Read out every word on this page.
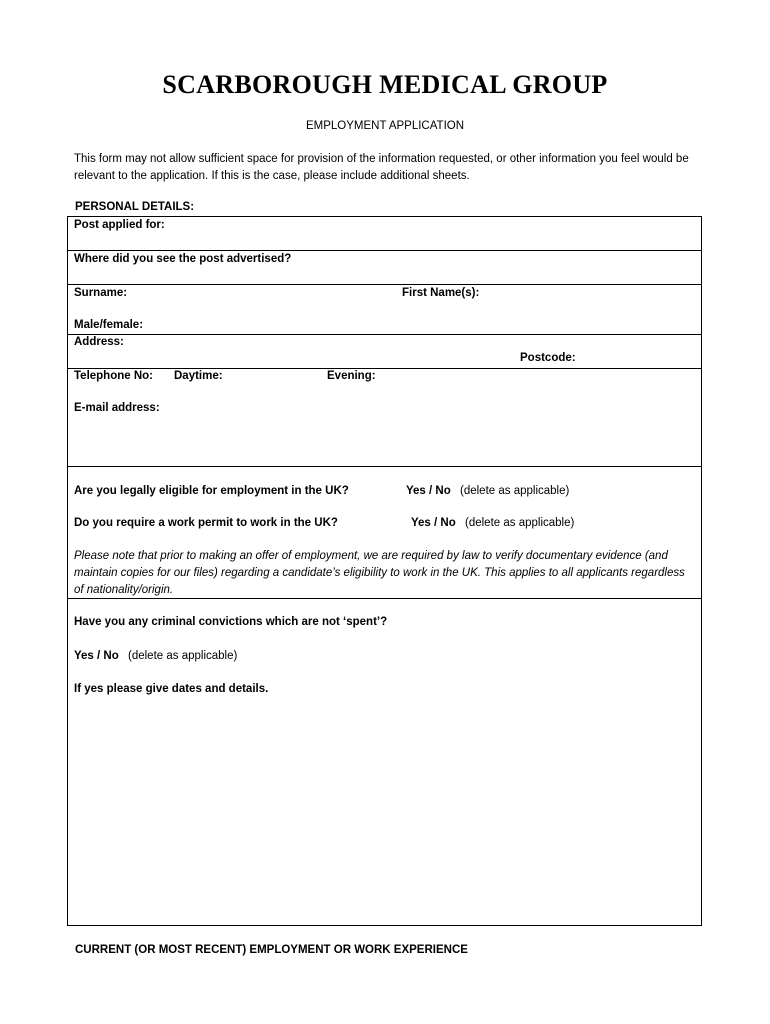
SCARBOROUGH MEDICAL GROUP
EMPLOYMENT APPLICATION
This form may not allow sufficient space for provision of the information requested, or other information you feel would be relevant to the application. If this is the case, please include additional sheets.
PERSONAL DETAILS:
Post applied for:
Where did you see the post advertised?
Surname:	First Name(s):
Male/female:
Address:
Postcode:
Telephone No: Daytime:	Evening:
E-mail address:
Are you legally eligible for employment in the UK?	Yes / No (delete as applicable)
Do you require a work permit to work in the UK?	Yes / No (delete as applicable)
Please note that prior to making an offer of employment, we are required by law to verify documentary evidence (and maintain copies for our files) regarding a candidate’s eligibility to work in the UK. This applies to all applicants regardless of nationality/origin.
Have you any criminal convictions which are not ‘spent’?
Yes / No (delete as applicable)
If yes please give dates and details.
CURRENT (OR MOST RECENT) EMPLOYMENT OR WORK EXPERIENCE
